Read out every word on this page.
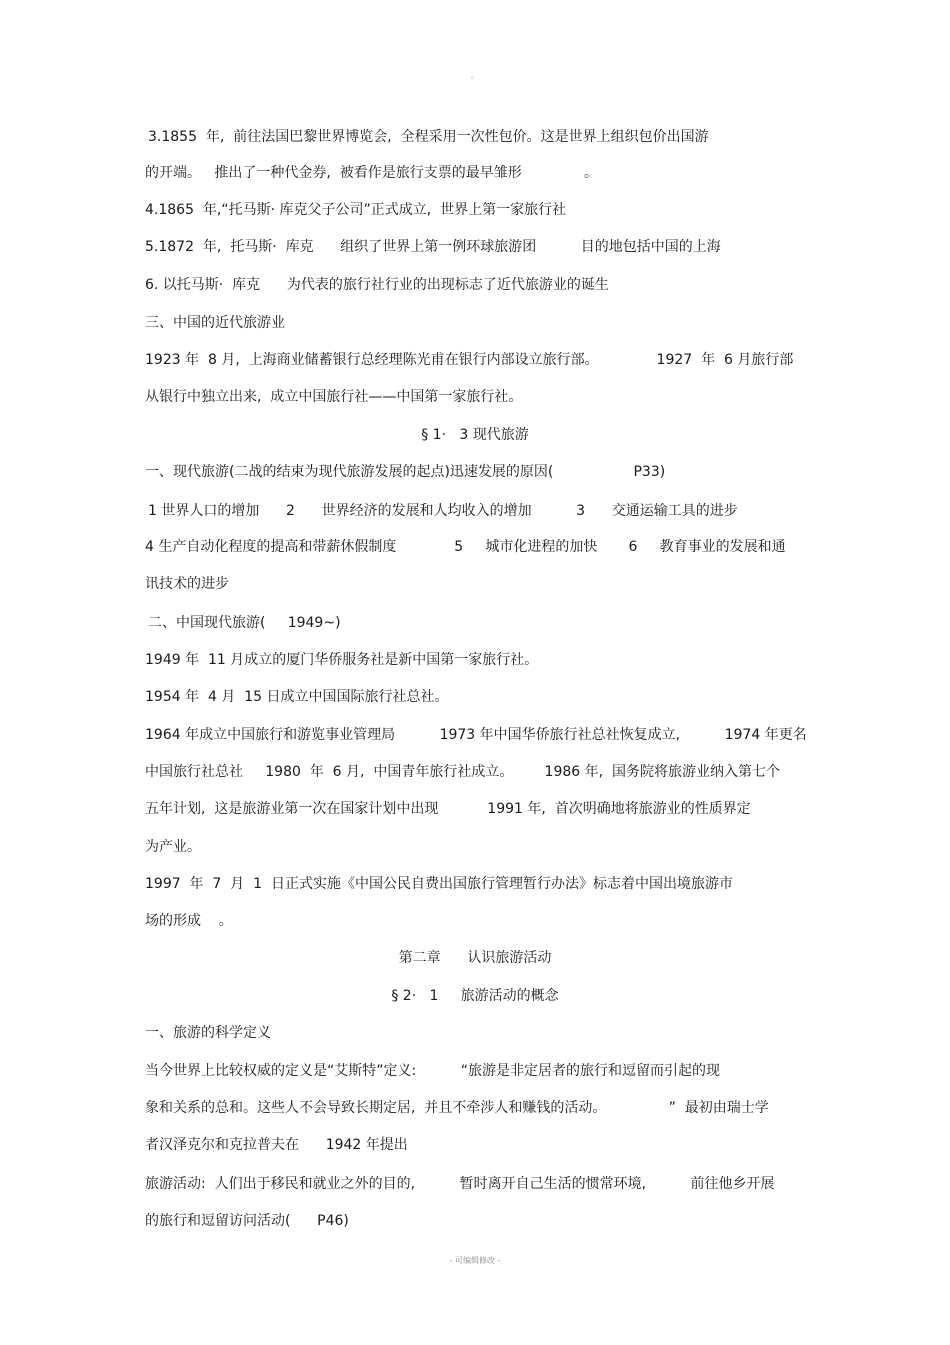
。
3.1855  年,  前往法国巴黎世界博览会,  全程采用一次性包价。这是世界上组织包价出国游
的开端。   推出了一种代金券,  被看作是旅行支票的最早雏形              。
4.1865  年,“托马斯· 库克父子公司”正式成立,  世界上第一家旅行社
5.1872  年,  托马斯·  库克      组织了世界上第一例环球旅游团          目的地包括中国的上海
6. 以托马斯·  库克      为代表的旅行社行业的出现标志了近代旅游业的诞生
三、中国的近代旅游业
1923 年  8 月,  上海商业储蓄银行总经理陈光甫在银行内部设立旅行部。             1927  年  6 月旅行部
从银行中独立出来,  成立中国旅行社——中国第一家旅行社。
§ 1·   3 现代旅游
一、现代旅游(二战的结束为现代旅游发展的起点)迅速发展的原因(                  P33)
1 世界人口的增加      2      世界经济的发展和人均收入的增加          3      交通运输工具的进步
4 生产自动化程度的提高和带薪休假制度             5     城市化进程的加快       6     教育事业的发展和通
讯技术的进步
二、中国现代旅游(     1949~)
1949 年  11 月成立的厦门华侨服务社是新中国第一家旅行社。
1954 年  4 月  15 日成立中国国际旅行社总社。
1964 年成立中国旅行和游览事业管理局          1973 年中国华侨旅行社总社恢复成立,          1974 年更名
中国旅行社总社     1980  年  6 月,  中国青年旅行社成立。       1986 年,  国务院将旅游业纳入第七个
五年计划,  这是旅游业第一次在国家计划中出现           1991 年,  首次明确地将旅游业的性质界定
为产业。
1997  年  7  月  1  日正式实施《中国公民自费出国旅行管理暂行办法》标志着中国出境旅游市
场的形成    。
第二章      认识旅游活动
§ 2·   1     旅游活动的概念
一、旅游的科学定义
当今世界上比较权威的定义是“艾斯特”定义:          “旅游是非定居者的旅行和逗留而引起的现
象和关系的总和。这些人不会导致长期定居,  并且不牵涉人和赚钱的活动。              ”  最初由瑞士学
者汉泽克尔和克拉普夫在      1942 年提出
旅游活动:  人们出于移民和就业之外的目的,          暂时离开自己生活的惯常环境,          前往他乡开展
的旅行和逗留访问活动(      P46)
- 可编辑修改 -
